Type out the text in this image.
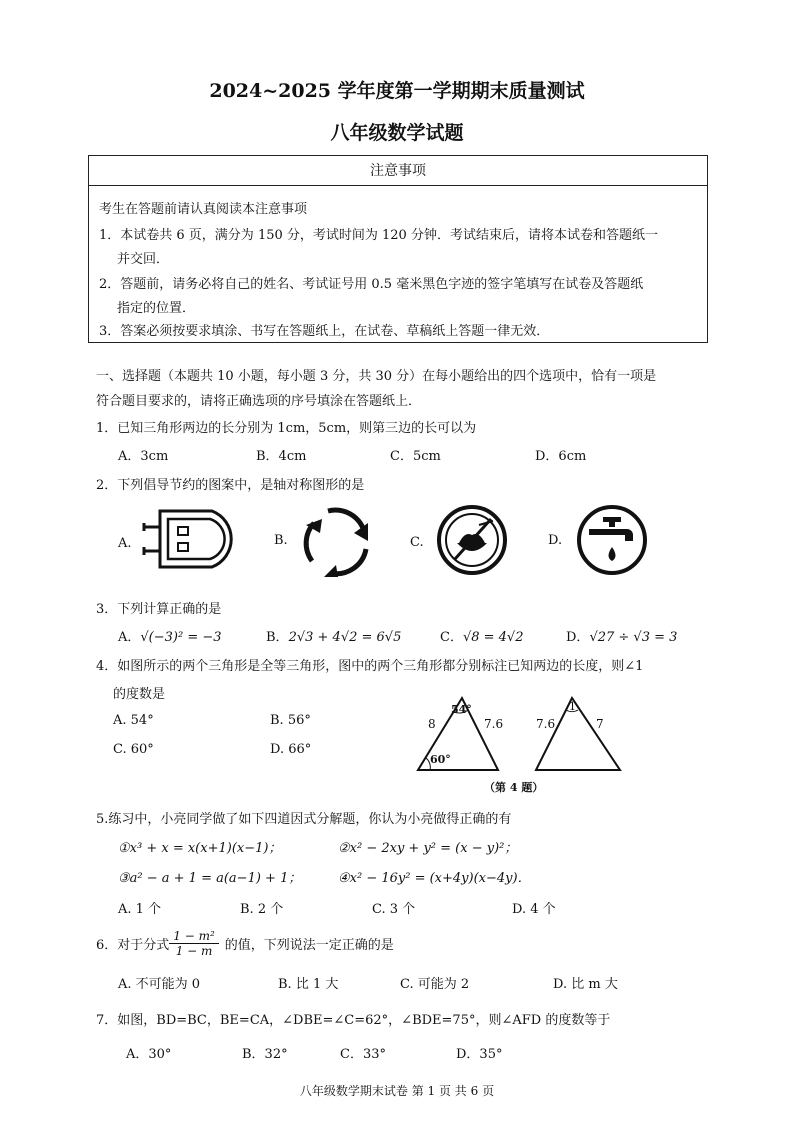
2024~2025 学年度第一学期期末质量测试
八年级数学试题
注意事项
考生在答题前请认真阅读本注意事项
1．本试卷共 6 页，满分为 150 分，考试时间为 120 分钟．考试结束后，请将本试卷和答题纸一
并交回．
2．答题前，请务必将自己的姓名、考试证号用 0.5 毫米黑色字迹的签字笔填写在试卷及答题纸
指定的位置．
3．答案必须按要求填涂、书写在答题纸上，在试卷、草稿纸上答题一律无效．
一、选择题（本题共 10 小题，每小题 3 分，共 30 分）在每小题给出的四个选项中，恰有一项是
符合题目要求的，请将正确选项的序号填涂在答题纸上．
1．已知三角形两边的长分别为 1cm，5cm，则第三边的长可以为
A．3cm	B．4cm	C．5cm	D．6cm
2．下列倡导节约的图案中，是轴对称图形的是
A.	B.	C.	D.
3．下列计算正确的是
A．√(−3)² = −3	B．2√3 + 4√2 = 6√5	C．√8 = 4√2	D．√27 ÷ √3 = 3
4．如图所示的两个三角形是全等三角形，图中的两个三角形都分别标注已知两边的长度，则∠1
的度数是
A. 54°	B. 56°
C. 60°	D. 66°
8	7.6
54°
60°
7.6	7
1
（第 4 题）
5.练习中，小亮同学做了如下四道因式分解题，你认为小亮做得正确的有
①x³ + x = x(x+1)(x−1)；	②x² − 2xy + y² = (x − y)²；
③a² − a + 1 = a(a−1) + 1；	④x² − 16y² = (x+4y)(x−4y)．
A. 1 个	B. 2 个	C. 3 个	D. 4 个
6．对于分式 $\frac{\text{1 − m²}}{1 - m}$ 的值，下列说法一定正确的是
A. 不可能为 0	B. 比 1 大	C. 可能为 2	D. 比 m 大
7．如图，BD=BC，BE=CA，∠DBE=∠C=62°，∠BDE=75°，则∠AFD 的度数等于
A．30°	B．32°	C．33°	D．35°
八年级数学期末试卷 第 1 页 共 6 页
